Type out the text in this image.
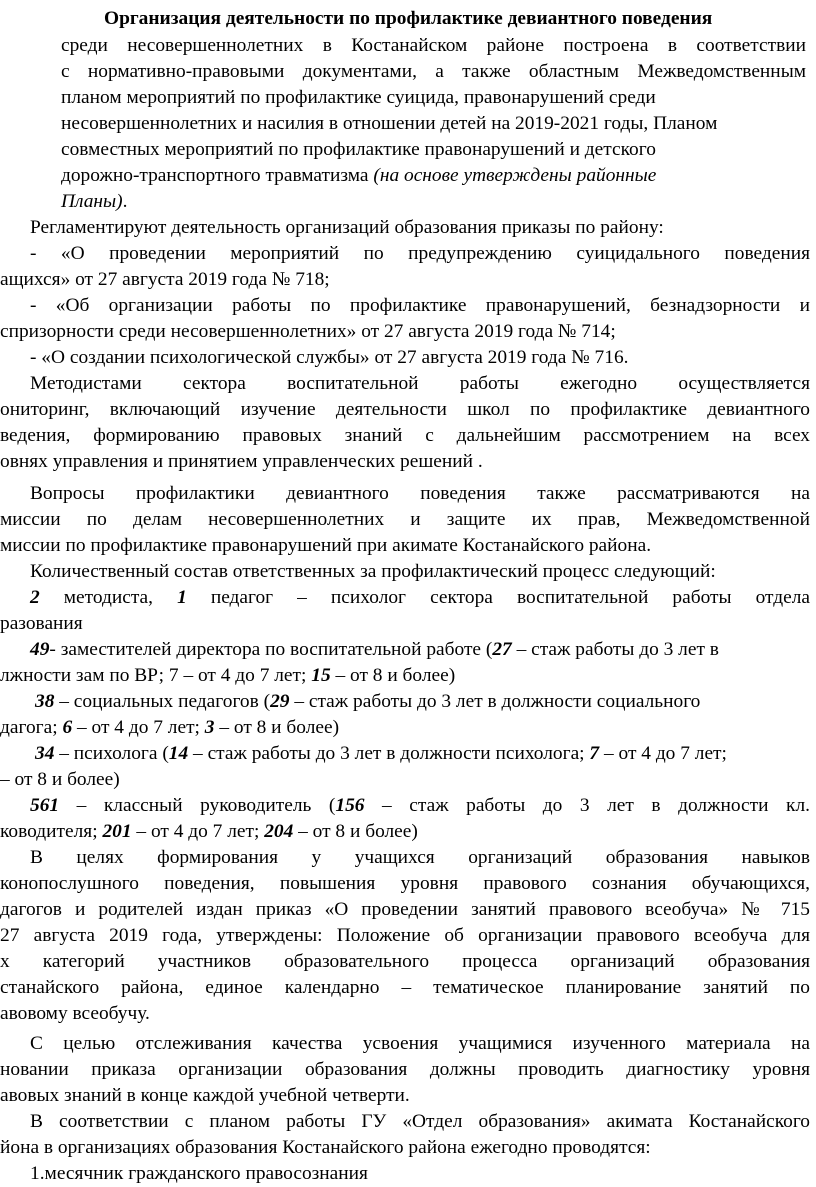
Организация деятельности по профилактике девиантного поведения
среди несовершеннолетних в Костанайском районе построена в соответствии
с нормативно-правовыми документами, а также областным Межведомственным
планом мероприятий по профилактике суицида, правонарушений среди
несовершеннолетних и насилия в отношении детей на 2019-2021 годы, Планом
совместных мероприятий по профилактике правонарушений и детского
дорожно-транспортного травматизма (на основе утверждены районные
Планы).
Регламентируют деятельность организаций образования приказы по району:
- «О проведении мероприятий по предупреждению суицидального поведения
ащихся» от 27 августа 2019 года № 718;
- «Об организации работы по профилактике правонарушений, безнадзорности и
спризорности среди несовершеннолетних» от 27 августа 2019 года № 714;
- «О создании психологической службы» от 27 августа 2019 года № 716.
Методистами сектора воспитательной работы ежегодно осуществляется
ониторинг, включающий изучение деятельности школ по профилактике девиантного
ведения, формированию правовых знаний с дальнейшим рассмотрением на всех
овнях управления и принятием управленческих решений .
Вопросы профилактики девиантного поведения также рассматриваются на
миссии по делам несовершеннолетних и защите их прав, Межведомственной
миссии по профилактике правонарушений при акимате Костанайского района.
Количественный состав ответственных за профилактический процесс следующий:
2 методиста, 1 педагог – психолог сектора воспитательной работы отдела
разования
49- заместителей директора по воспитательной работе (27 – стаж работы до 3 лет в
лжности зам по ВР; 7 – от 4 до 7 лет; 15 – от 8 и более)
38 – социальных педагогов (29 – стаж работы до 3 лет в должности социального
дагога; 6 – от 4 до 7 лет; 3 – от 8 и более)
34 – психолога (14 – стаж работы до 3 лет в должности психолога; 7 – от 4 до 7 лет;
– от 8 и более)
561 – классный руководитель (156 – стаж работы до 3 лет в должности кл.
ководителя; 201 – от 4 до 7 лет; 204 – от 8 и более)
В целях формирования у учащихся организаций образования навыков
конопослушного поведения, повышения уровня правового сознания обучающихся,
дагогов и родителей издан приказ «О проведении занятий правового всеобуча» № 715
27 августа 2019 года, утверждены: Положение об организации правового всеобуча для
х категорий участников образовательного процесса организаций образования
станайского района, единое календарно – тематическое планирование занятий по
авовому всеобучу.
С целью отслеживания качества усвоения учащимися изученного материала на
новании приказа организации образования должны проводить диагностику уровня
авовых знаний в конце каждой учебной четверти.
В соответствии с планом работы ГУ «Отдел образования» акимата Костанайского
йона в организациях образования Костанайского района ежегодно проводятся:
1.месячник гражданского правосознания
